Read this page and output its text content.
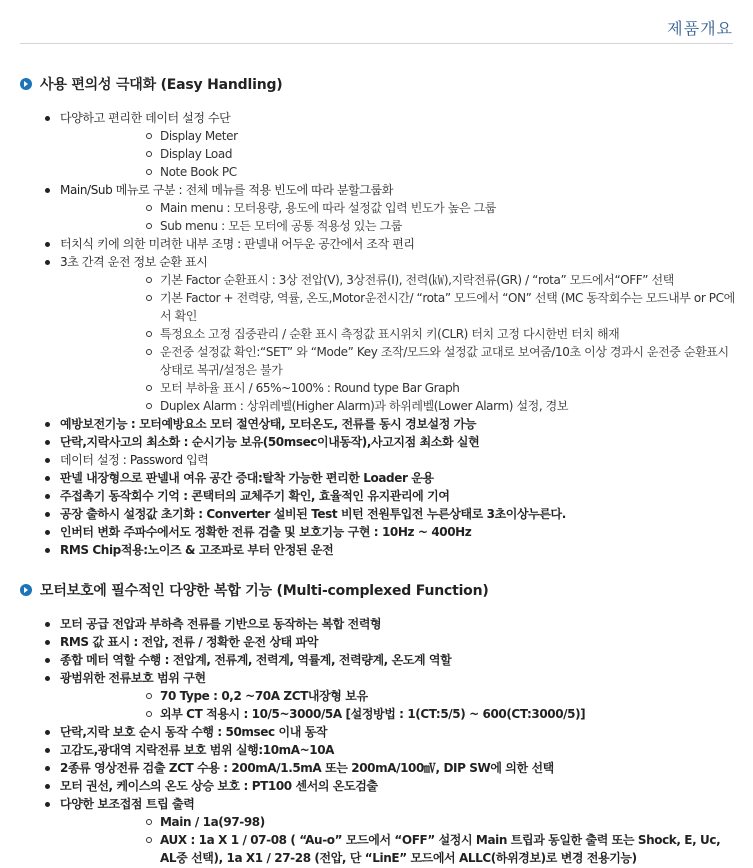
제품개요
사용 편의성 극대화 (Easy Handling)
다양하고 편리한 데이터 설정 수단
Display Meter
Display Load
Note Book PC
Main/Sub 메뉴로 구분 : 전체 메뉴를 적용 빈도에 따라 분할그룹화
Main menu : 모터용량, 용도에 따라 설정값 입력 빈도가 높은 그룹
Sub menu : 모든 모터에 공통 적용성 있는 그룹
터치식 키에 의한 미려한 내부 조명 : 판넬내 어두운 공간에서 조작 편리
3초 간격 운전 정보 순환 표시
기본 Factor 순환표시 : 3상 전압(V), 3상전류(I), 전력(㎾),지락전류(GR) / “rota” 모드에서“OFF” 선택
기본 Factor + 전력량, 역률, 온도,Motor운전시간/ “rota” 모드에서 “ON” 선택 (MC 동작회수는 모드내부 or PC에서 확인
특정요소 고정 집중관리 / 순환 표시 측정값 표시위치 키(CLR) 터치 고정 다시한번 터치 해재
운전중 설정값 확인:“SET” 와 “Mode” Key 조작/모드와 설정값 교대로 보여줌/10초 이상 경과시 운전중 순환표시상태로 복귀/설정은 불가
모터 부하율 표시 / 65%~100% : Round type Bar Graph
Duplex Alarm : 상위레벨(Higher Alarm)과 하위레벨(Lower Alarm) 설정, 경보
예방보전기능 : 모터예방요소 모터 절연상태, 모터온도, 전류를 동시 경보설정 가능
단락,지락사고의 최소화 : 순시기능 보유(50msec이내동작),사고지점 최소화 실현
데이터 설정 : Password 입력
판넬 내장형으로 판넬내 여유 공간 증대:탈착 가능한 편리한 Loader 운용
주접촉기 동작회수 기억 : 콘택터의 교체주기 확인, 효율적인 유지관리에 기여
공장 출하시 설정값 초기화 : Converter 설비된 Test 비턴 전원투입전 누른상태로 3초이상누른다.
인버터 변화 주파수에서도 정확한 전류 검출 및 보호기능 구현 : 10Hz ~ 400Hz
RMS Chip적용:노이즈 & 고조파로 부터 안정된 운전
모터보호에 필수적인 다양한 복합 기능 (Multi-complexed Function)
모터 공급 전압과 부하측 전류를 기반으로 동작하는 복합 전력형
RMS 값 표시 : 전압, 전류 / 정확한 운전 상태 파악
종합 메터 역할 수행 : 전압계, 전류계, 전력계, 역률계, 전력량계, 온도계 역할
광범위한 전류보호 범위 구현
70 Type : 0,2 ~70A ZCT내장형 보유
외부 CT 적용시 : 10/5~3000/5A [설정방법 : 1(CT:5/5) ~ 600(CT:3000/5)]
단락,지락 보호 순시 동작 수행 : 50msec 이내 동작
고감도,광대역 지락전류 보호 범위 실행:10mA~10A
2종류 영상전류 검출 ZCT 수용 : 200mA/1.5mA 또는 200mA/100㎷, DIP SW에 의한 선택
모터 권선, 케이스의 온도 상승 보호 : PT100 센서의 온도검출
다양한 보조접점 트립 출력
Main / 1a(97-98)
AUX : 1a X 1 / 07-08 ( “Au-o” 모드에서 “OFF” 설정시 Main 트립과 동일한 출력 또는 Shock, E, Uc, AL중 선택), 1a X1 / 27-28 (전압, 단 “LinE” 모드에서 ALLC(하위경보)로 변경 전용기능)
